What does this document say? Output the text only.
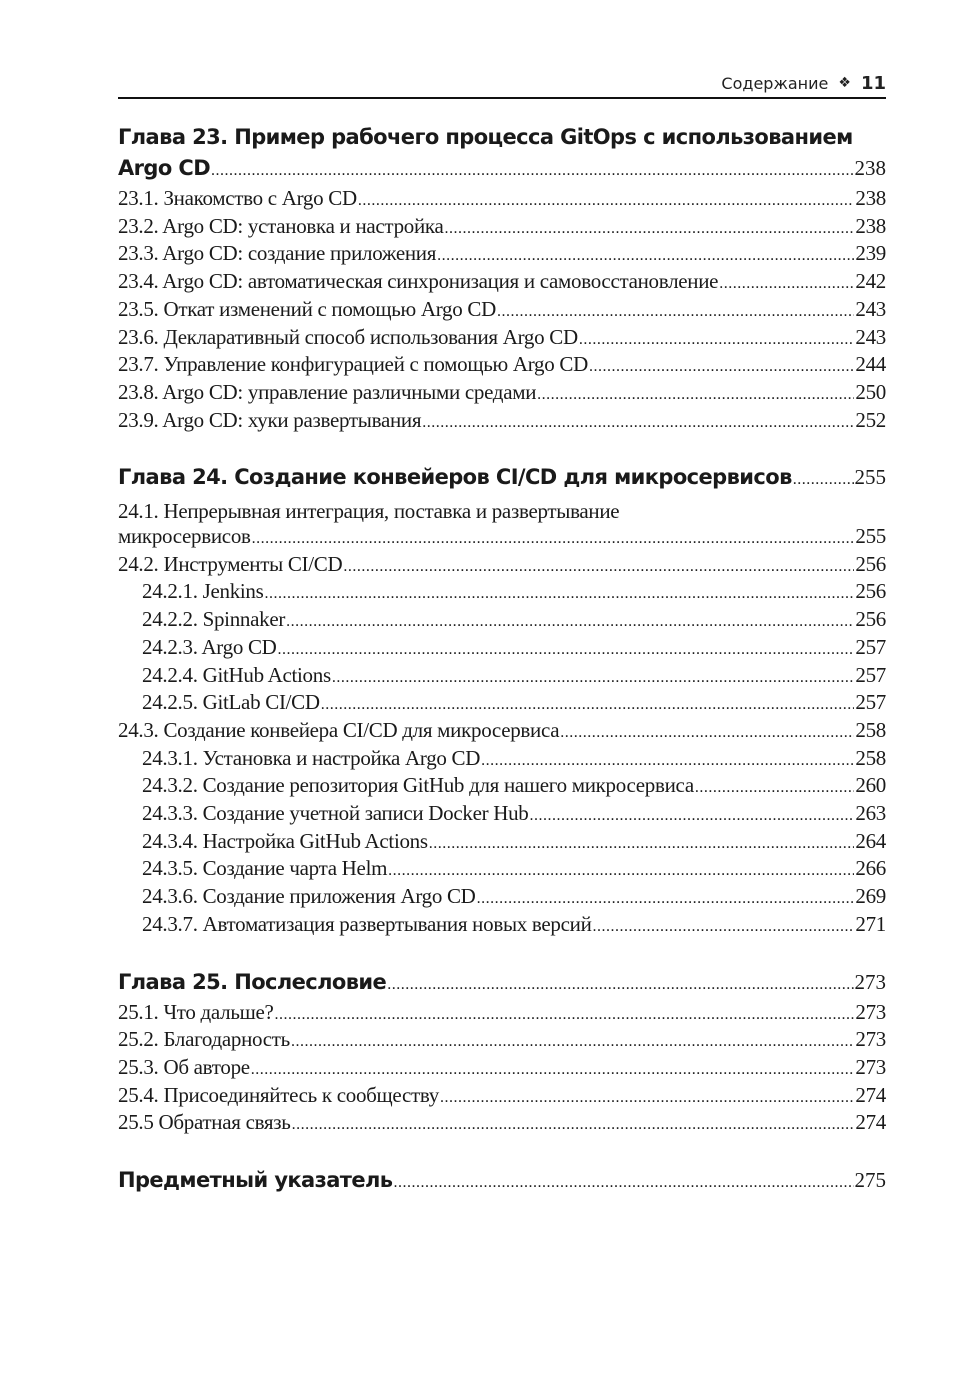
Содержание ❖ 11
Глава 23. Пример рабочего процесса GitOps с использованием
Argo CD .....	238
23.1. Знакомство с Argo CD .....	238
23.2. Argo CD: установка и настройка .....	238
23.3. Argo CD: создание приложения .....	239
23.4. Argo CD: автоматическая синхронизация и самовосстановление .....	242
23.5. Откат изменений с помощью Argo CD .....	243
23.6. Декларативный способ использования Argo CD .....	243
23.7. Управление конфигурацией с помощью Argo CD .....	244
23.8. Argo CD: управление различными средами .....	250
23.9. Argo CD: хуки развертывания .....	252
Глава 24. Создание конвейеров CI/CD для микросервисов .....	255
24.1. Непрерывная интеграция, поставка и развертывание
микросервисов .....	255
24.2. Инструменты CI/CD .....	256
24.2.1. Jenkins .....	256
24.2.2. Spinnaker .....	256
24.2.3. Argo CD .....	257
24.2.4. GitHub Actions .....	257
24.2.5. GitLab CI/CD .....	257
24.3. Создание конвейера CI/CD для микросервиса .....	258
24.3.1. Установка и настройка Argo CD .....	258
24.3.2. Создание репозитория GitHub для нашего микросервиса .....	260
24.3.3. Создание учетной записи Docker Hub .....	263
24.3.4. Настройка GitHub Actions .....	264
24.3.5. Создание чарта Helm .....	266
24.3.6. Создание приложения Argo CD .....	269
24.3.7. Автоматизация развертывания новых версий .....	271
Глава 25. Послесловие .....	273
25.1. Что дальше? .....	273
25.2. Благодарность .....	273
25.3. Об авторе .....	273
25.4. Присоединяйтесь к сообществу .....	274
25.5 Обратная связь .....	274
Предметный указатель .....	275
